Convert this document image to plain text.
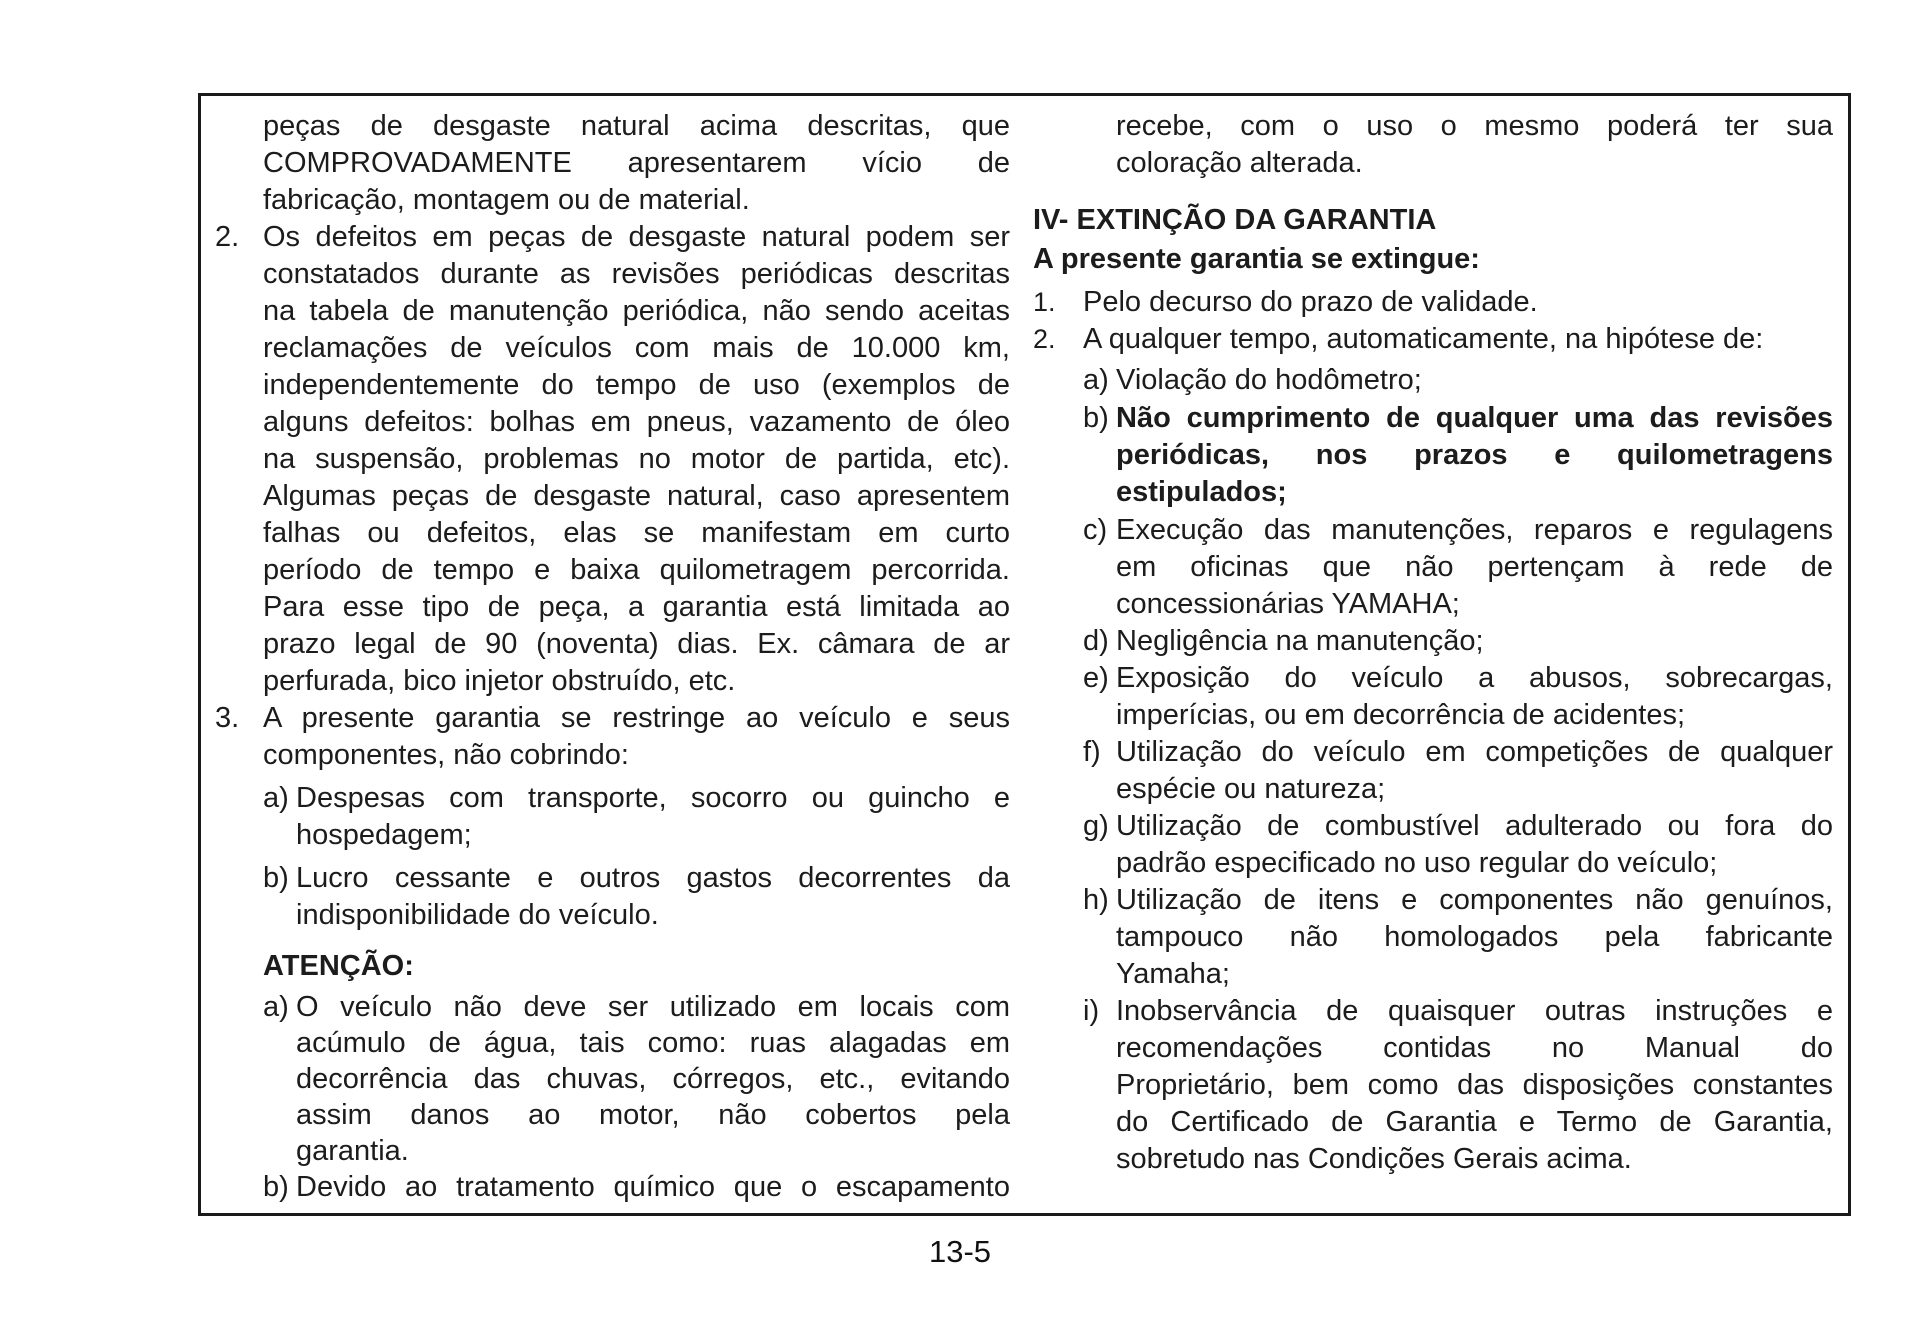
peças de desgaste natural acima descritas, que
COMPROVADAMENTE apresentarem vício de
fabricação, montagem ou de material.
2. Os defeitos em peças de desgaste natural podem ser
constatados durante as revisões periódicas descritas
na tabela de manutenção periódica, não sendo aceitas
reclamações de veículos com mais de 10.000 km,
independentemente do tempo de uso (exemplos de
alguns defeitos: bolhas em pneus, vazamento de óleo
na suspensão, problemas no motor de partida, etc).
Algumas peças de desgaste natural, caso apresentem
falhas ou defeitos, elas se manifestam em curto
período de tempo e baixa quilometragem percorrida.
Para esse tipo de peça, a garantia está limitada ao
prazo legal de 90 (noventa) dias. Ex. câmara de ar
perfurada, bico injetor obstruído, etc.
3. A presente garantia se restringe ao veículo e seus
componentes, não cobrindo:
a) Despesas com transporte, socorro ou guincho e
hospedagem;
b) Lucro cessante e outros gastos decorrentes da
indisponibilidade do veículo.
ATENÇÃO:
a) O veículo não deve ser utilizado em locais com
acúmulo de água, tais como: ruas alagadas em
decorrência das chuvas, córregos, etc., evitando
assim danos ao motor, não cobertos pela
garantia.
b) Devido ao tratamento químico que o escapamento
recebe, com o uso o mesmo poderá ter sua
coloração alterada.
IV- EXTINÇÃO DA GARANTIA
A presente garantia se extingue:
1. Pelo decurso do prazo de validade.
2. A qualquer tempo, automaticamente, na hipótese de:
a) Violação do hodômetro;
b) Não cumprimento de qualquer uma das revisões
periódicas, nos prazos e quilometragens
estipulados;
c) Execução das manutenções, reparos e regulagens
em oficinas que não pertençam à rede de
concessionárias YAMAHA;
d) Negligência na manutenção;
e) Exposição do veículo a abusos, sobrecargas,
imperícias, ou em decorrência de acidentes;
f) Utilização do veículo em competições de qualquer
espécie ou natureza;
g) Utilização de combustível adulterado ou fora do
padrão especificado no uso regular do veículo;
h) Utilização de itens e componentes não genuínos,
tampouco não homologados pela fabricante
Yamaha;
i) Inobservância de quaisquer outras instruções e
recomendações contidas no Manual do
Proprietário, bem como das disposições constantes
do Certificado de Garantia e Termo de Garantia,
sobretudo nas Condições Gerais acima.
13-5
